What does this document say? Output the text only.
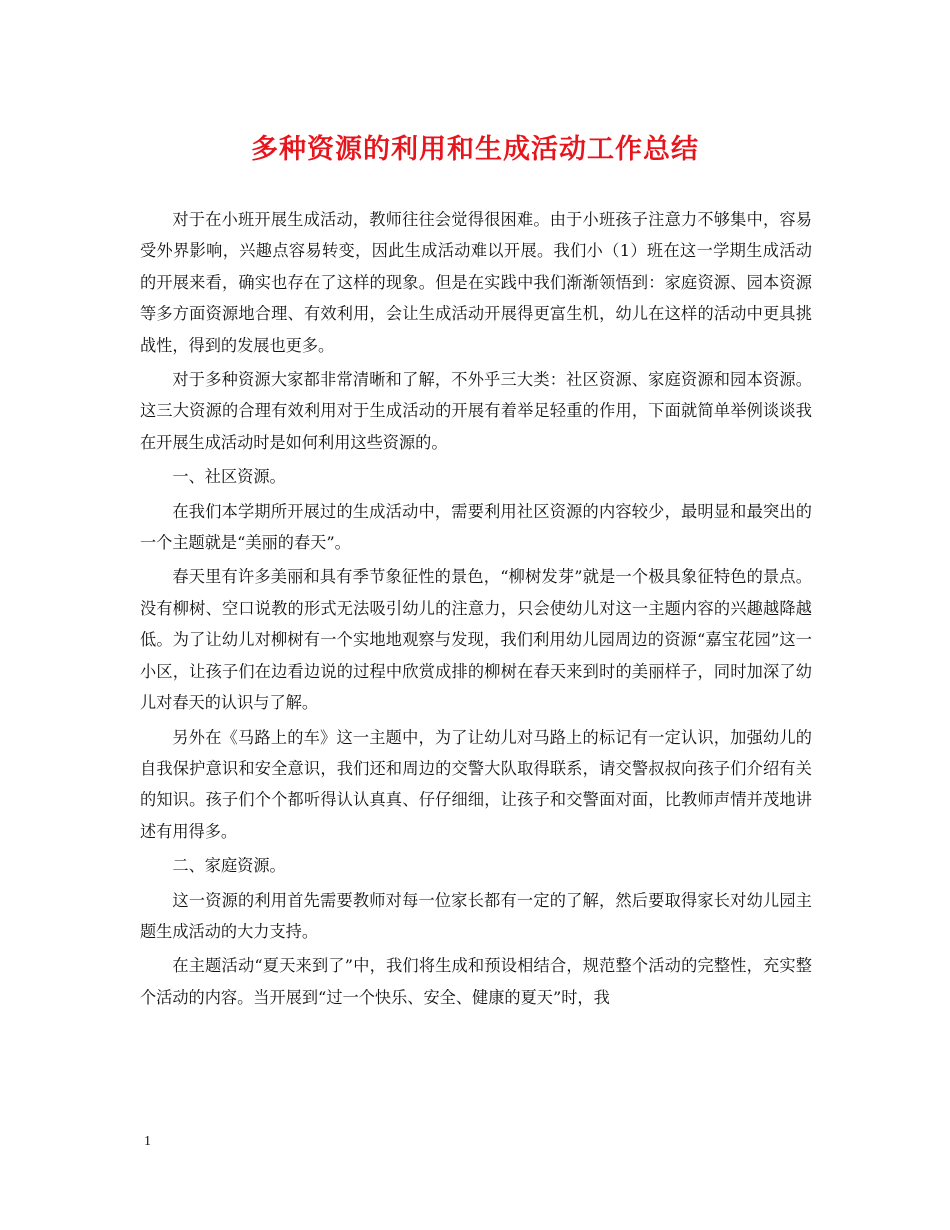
多种资源的利用和生成活动工作总结

对于在小班开展生成活动，教师往往会觉得很困难。由于小班孩子注意力不够集中，容易受外界影响，兴趣点容易转变，因此生成活动难以开展。我们小（1）班在这一学期生成活动的开展来看，确实也存在了这样的现象。但是在实践中我们渐渐领悟到：家庭资源、园本资源等多方面资源地合理、有效利用，会让生成活动开展得更富生机，幼儿在这样的活动中更具挑战性，得到的发展也更多。

对于多种资源大家都非常清晰和了解，不外乎三大类：社区资源、家庭资源和园本资源。这三大资源的合理有效利用对于生成活动的开展有着举足轻重的作用，下面就简单举例谈谈我在开展生成活动时是如何利用这些资源的。

一、社区资源。

在我们本学期所开展过的生成活动中，需要利用社区资源的内容较少，最明显和最突出的一个主题就是“美丽的春天”。

春天里有许多美丽和具有季节象征性的景色，“柳树发芽”就是一个极具象征特色的景点。没有柳树、空口说教的形式无法吸引幼儿的注意力，只会使幼儿对这一主题内容的兴趣越降越低。为了让幼儿对柳树有一个实地地观察与发现，我们利用幼儿园周边的资源“嘉宝花园”这一小区，让孩子们在边看边说的过程中欣赏成排的柳树在春天来到时的美丽样子，同时加深了幼儿对春天的认识与了解。

另外在《马路上的车》这一主题中，为了让幼儿对马路上的标记有一定认识，加强幼儿的自我保护意识和安全意识，我们还和周边的交警大队取得联系，请交警叔叔向孩子们介绍有关的知识。孩子们个个都听得认认真真、仔仔细细，让孩子和交警面对面，比教师声情并茂地讲述有用得多。

二、家庭资源。

这一资源的利用首先需要教师对每一位家长都有一定的了解，然后要取得家长对幼儿园主题生成活动的大力支持。

在主题活动“夏天来到了”中，我们将生成和预设相结合，规范整个活动的完整性，充实整个活动的内容。当开展到“过一个快乐、安全、健康的夏天”时，我

1
